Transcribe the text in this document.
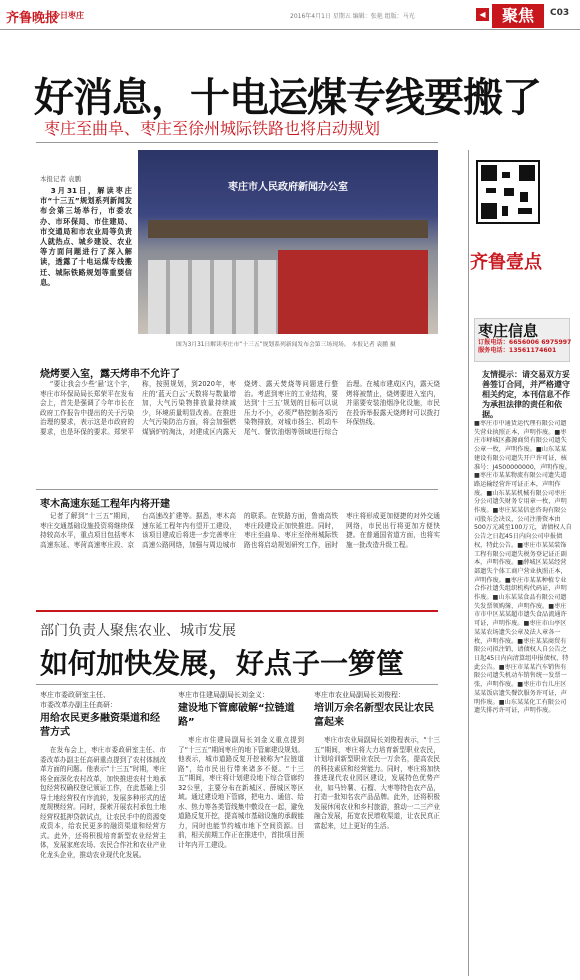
齐鲁晚报
今日枣庄	2016年4月1日 星期五 编辑：张艳 组版：马光	◀	聚焦	C03
好消息，十电运煤专线要搬了
枣庄至曲阜、枣庄至徐州城际铁路也将启动规划
本报记者 袁鹏
3月31日，解读枣庄市“十三五”规划系列新闻发布会第三场举行，市委农办、市环保局、市住建局、市交通局和市农业局等负责人就热点、城乡建设、农业等方面问题进行了深入解读，透露了十电运煤专线搬迁、城际铁路规划等重要信息。
枣庄市人民政府新闻办公室
图为3月31日解读枣庄市“十三五”规划系列新闻发布会第三场现场。 本报记者 袁鹏 摄
齐鲁壹点
枣庄信息
订报电话：6656006 6975997
服务电话：13561174601
友情提示：请交易双方妥善签订合同，并严格遵守相关约定，本刊信息不作为承担法律的责任和依据。
■枣庄市中通货运代理有限公司遗失营业执照正本，声明作废。■枣庄市峄城区鑫源商贸有限公司遗失公章一枚，声明作废。■山东某某建设有限公司遗失开户许可证，核准号：J4500000000，声明作废。■枣庄市某某物流有限公司遗失道路运输经营许可证正本，声明作废。■山东某某机械有限公司枣庄分公司遗失财务专用章一枚，声明作废。■枣庄某某信息咨询有限公司股东会决议，公司注册资本由500万元减至100万元，请债权人自公告之日起45日内向公司申报债权，特此公告。■枣庄市某某装饰工程有限公司遗失税务登记证正副本，声明作废。■薛城区某某经营部遗失个体工商户营业执照正本，声明作废。■枣庄市某某种植专业合作社遗失组织机构代码证，声明作废。■山东某某食品有限公司遗失发票领购簿，声明作废。■枣庄市市中区某某超市遗失食品流通许可证，声明作废。■枣庄市山亭区某某农场遗失公章及法人章各一枚，声明作废。■枣庄某某商贸有限公司拟注销，请债权人自公告之日起45日内向清算组申报债权，特此公告。■枣庄市某某汽车销售有限公司遗失机动车销售统一发票一张，声明作废。■枣庄市台儿庄区某某饭店遗失餐饮服务许可证，声明作废。■山东某某化工有限公司遗失排污许可证，声明作废。
烧烤要入室，露天烤串不允许了
“要让我会少些‘悬’这个字，枣庄市环保局局长郑荣平在发布会上，首先是强调了今年市长在政府工作报告中提出的关于污染治理的要求，表示这是市政府的要求，也是环保的要求。郑荣平称，按照规划，到2020年，枣庄的‘蓝天白云’天数将与数量增加，大气污染物排放量持续减少，环境质量明显改善。在推进大气污染防治方面，将会加强燃煤锅炉的淘汰，对建成区内露天烧烤、露天焚烧等问题进行整治。考虑到枣庄的工业结构，要达到‘十三五’规划的目标可以说压力不小，必须严格控制各项污染物排放，对城市扬尘、机动车尾气、餐饮油烟等领域进行综合治理。在城市建成区内，露天烧烤将被禁止，烧烤要进入室内，并需要安装油烟净化设施，市民在投诉举报露天烧烤时可以拨打环保热线。
枣木高速东延工程年内将开建
记者了解到“十三五”期间，枣庄交通基础设施投资将继续保持较高水平，重点项目包括枣木高速东延、枣菏高速枣庄段、京台高速改扩建等。据悉，枣木高速东延工程年内有望开工建设，该项目建成后将进一步完善枣庄高速公路网络，加强与周边城市的联系。在铁路方面，鲁南高铁枣庄段建设正加快推进。同时，枣庄至曲阜、枣庄至徐州城际铁路也将启动规划研究工作，届时枣庄将形成更加便捷的对外交通网络，市民出行将更加方便快捷。在普通国省道方面，也将实施一批改造升级工程。
部门负责人聚焦农业、城市发展
如何加快发展，好点子一箩筐
枣庄市委政研室主任、
市委改革办副主任高研：
用给农民更多融资渠道和经营方式
在发布会上，枣庄市委政研室主任、市委改革办副主任高研重点提到了农村体制改革方面的问题。他表示“十三五”时期，枣庄将全面深化农村改革，加快推进农村土地承包经营权确权登记颁证工作，在此基础上引导土地经营权有序流转，发展多种形式的适度规模经营。同时，探索开展农村承包土地经营权抵押贷款试点，让农民手中的资源变成资本，给农民更多的融资渠道和经营方式。此外，还将积极培育新型农业经营主体，发展家庭农场、农民合作社和农业产业化龙头企业，推动农业现代化发展。
枣庄市住建局副局长刘金义：
建设地下管廊破解“拉链道路”
枣庄市住建局副局长刘金义重点提到了“十三五”期间枣庄的地下管廊建设规划。他表示，城市道路反复开挖被称为“拉链道路”，给市民出行带来诸多不便。“十三五”期间，枣庄将计划建设地下综合管廊约32公里，主要分布在新城区、薛城区等区域。通过建设地下管廊，把电力、通信、给水、热力等各类管线集中敷设在一起，避免道路反复开挖，提高城市基础设施的承载能力，同时也能节约城市地下空间资源。目前，相关前期工作正在推进中，首批项目预计年内开工建设。
枣庄市农业局副局长刘俊程：
培训万余名新型农民让农民富起来
枣庄市农业局副局长刘俊程表示，“十三五”期间，枣庄将大力培育新型职业农民，计划培训新型职业农民一万余名，提高农民的科技素质和经营能力。同时，枣庄将加快推进现代农业园区建设，发展特色优势产业，如马铃薯、石榴、大枣等特色农产品，打造一批知名农产品品牌。此外，还将积极发展休闲农业和乡村旅游，推动一二三产业融合发展，拓宽农民增收渠道，让农民真正富起来，过上更好的生活。
